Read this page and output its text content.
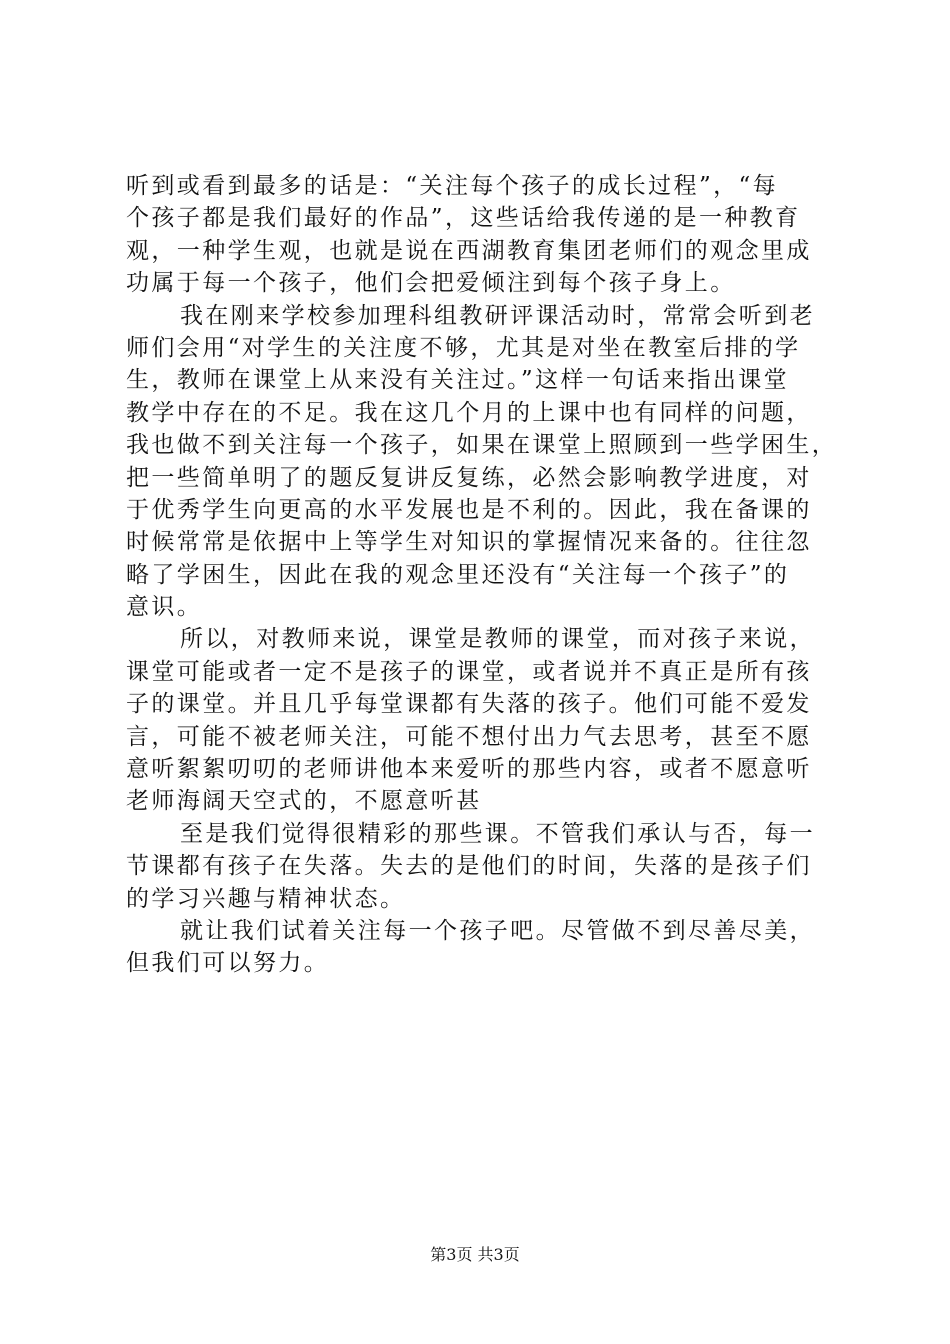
听到或看到最多的话是：“关注每个孩子的成长过程”，“每
个孩子都是我们最好的作品”，这些话给我传递的是一种教育
观，一种学生观，也就是说在西湖教育集团老师们的观念里成
功属于每一个孩子，他们会把爱倾注到每个孩子身上。
我在刚来学校参加理科组教研评课活动时，常常会听到老
师们会用“对学生的关注度不够，尤其是对坐在教室后排的学
生，教师在课堂上从来没有关注过。”这样一句话来指出课堂
教学中存在的不足。我在这几个月的上课中也有同样的问题，
我也做不到关注每一个孩子，如果在课堂上照顾到一些学困生，
把一些简单明了的题反复讲反复练，必然会影响教学进度，对
于优秀学生向更高的水平发展也是不利的。因此，我在备课的
时候常常是依据中上等学生对知识的掌握情况来备的。往往忽
略了学困生，因此在我的观念里还没有“关注每一个孩子”的
意识。
所以，对教师来说，课堂是教师的课堂，而对孩子来说，
课堂可能或者一定不是孩子的课堂，或者说并不真正是所有孩
子的课堂。并且几乎每堂课都有失落的孩子。他们可能不爱发
言，可能不被老师关注，可能不想付出力气去思考，甚至不愿
意听絮絮叨叨的老师讲他本来爱听的那些内容，或者不愿意听
老师海阔天空式的，不愿意听甚
至是我们觉得很精彩的那些课。不管我们承认与否，每一
节课都有孩子在失落。失去的是他们的时间，失落的是孩子们
的学习兴趣与精神状态。
就让我们试着关注每一个孩子吧。尽管做不到尽善尽美，
但我们可以努力。
第3页 共3页
